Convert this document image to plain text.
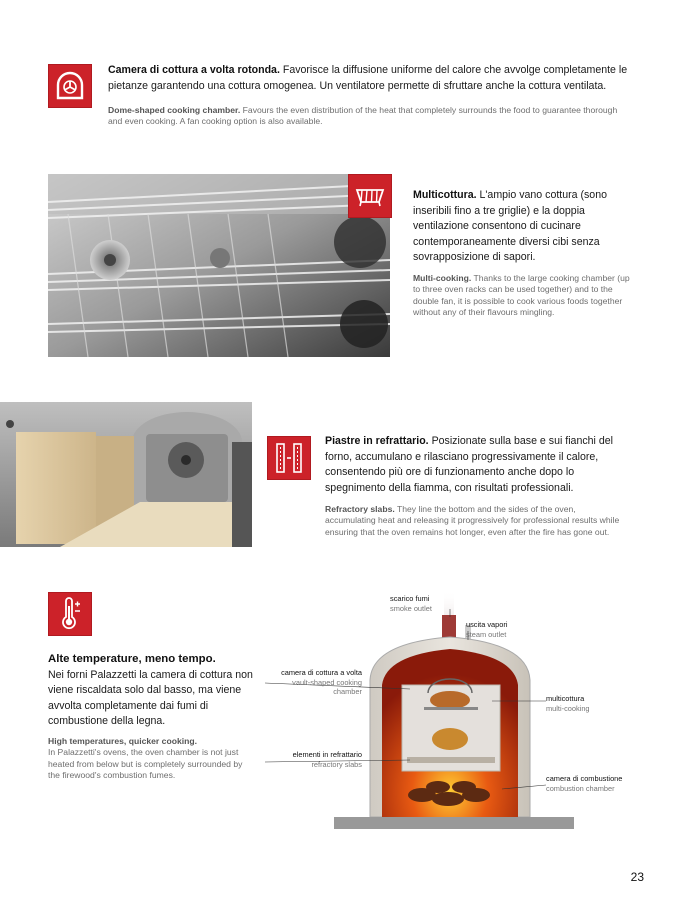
Camera di cottura a volta rotonda. Favorisce la diffusione uniforme del calore che avvolge completamente le pietanze garantendo una cottura omogenea. Un ventilatore permette di sfruttare anche la cottura ventilata.
Dome-shaped cooking chamber. Favours the even distribution of the heat that completely surrounds the food to guarantee thorough and even cooking. A fan cooking option is also available.
Multicottura. L'ampio vano cottura (sono inseribili fino a tre griglie) e la doppia ventilazione consentono di cucinare contemporaneamente diversi cibi senza sovrapposizione di sapori.
Multi-cooking. Thanks to the large cooking chamber (up to three oven racks can be used together) and to the double fan, it is possible to cook various foods together without any of their flavours mingling.
Piastre in refrattario. Posizionate sulla base e sui fianchi del forno, accumulano e rilasciano progressivamente il calore, consentendo più ore di funzionamento anche dopo lo spegnimento della fiamma, con risultati professionali.
Refractory slabs. They line the bottom and the sides of the oven, accumulating heat and releasing it progressively for professional results while ensuring that the oven remains hot longer, even after the fire has gone out.
Alte temperature, meno tempo.
Nei forni Palazzetti la camera di cottura non viene riscaldata solo dal basso, ma viene avvolta completamente dai fumi di combustione della legna.
High temperatures, quicker cooking.
In Palazzetti's ovens, the oven chamber is not just heated from below but is completely surrounded by the firewood's combustion fumes.
scarico fumi
smoke outlet
uscita vapori
steam outlet
camera di cottura a volta
vault-shaped cooking chamber
multicottura
multi-cooking
elementi in refrattario
refractory slabs
camera di combustione
combustion chamber
23
